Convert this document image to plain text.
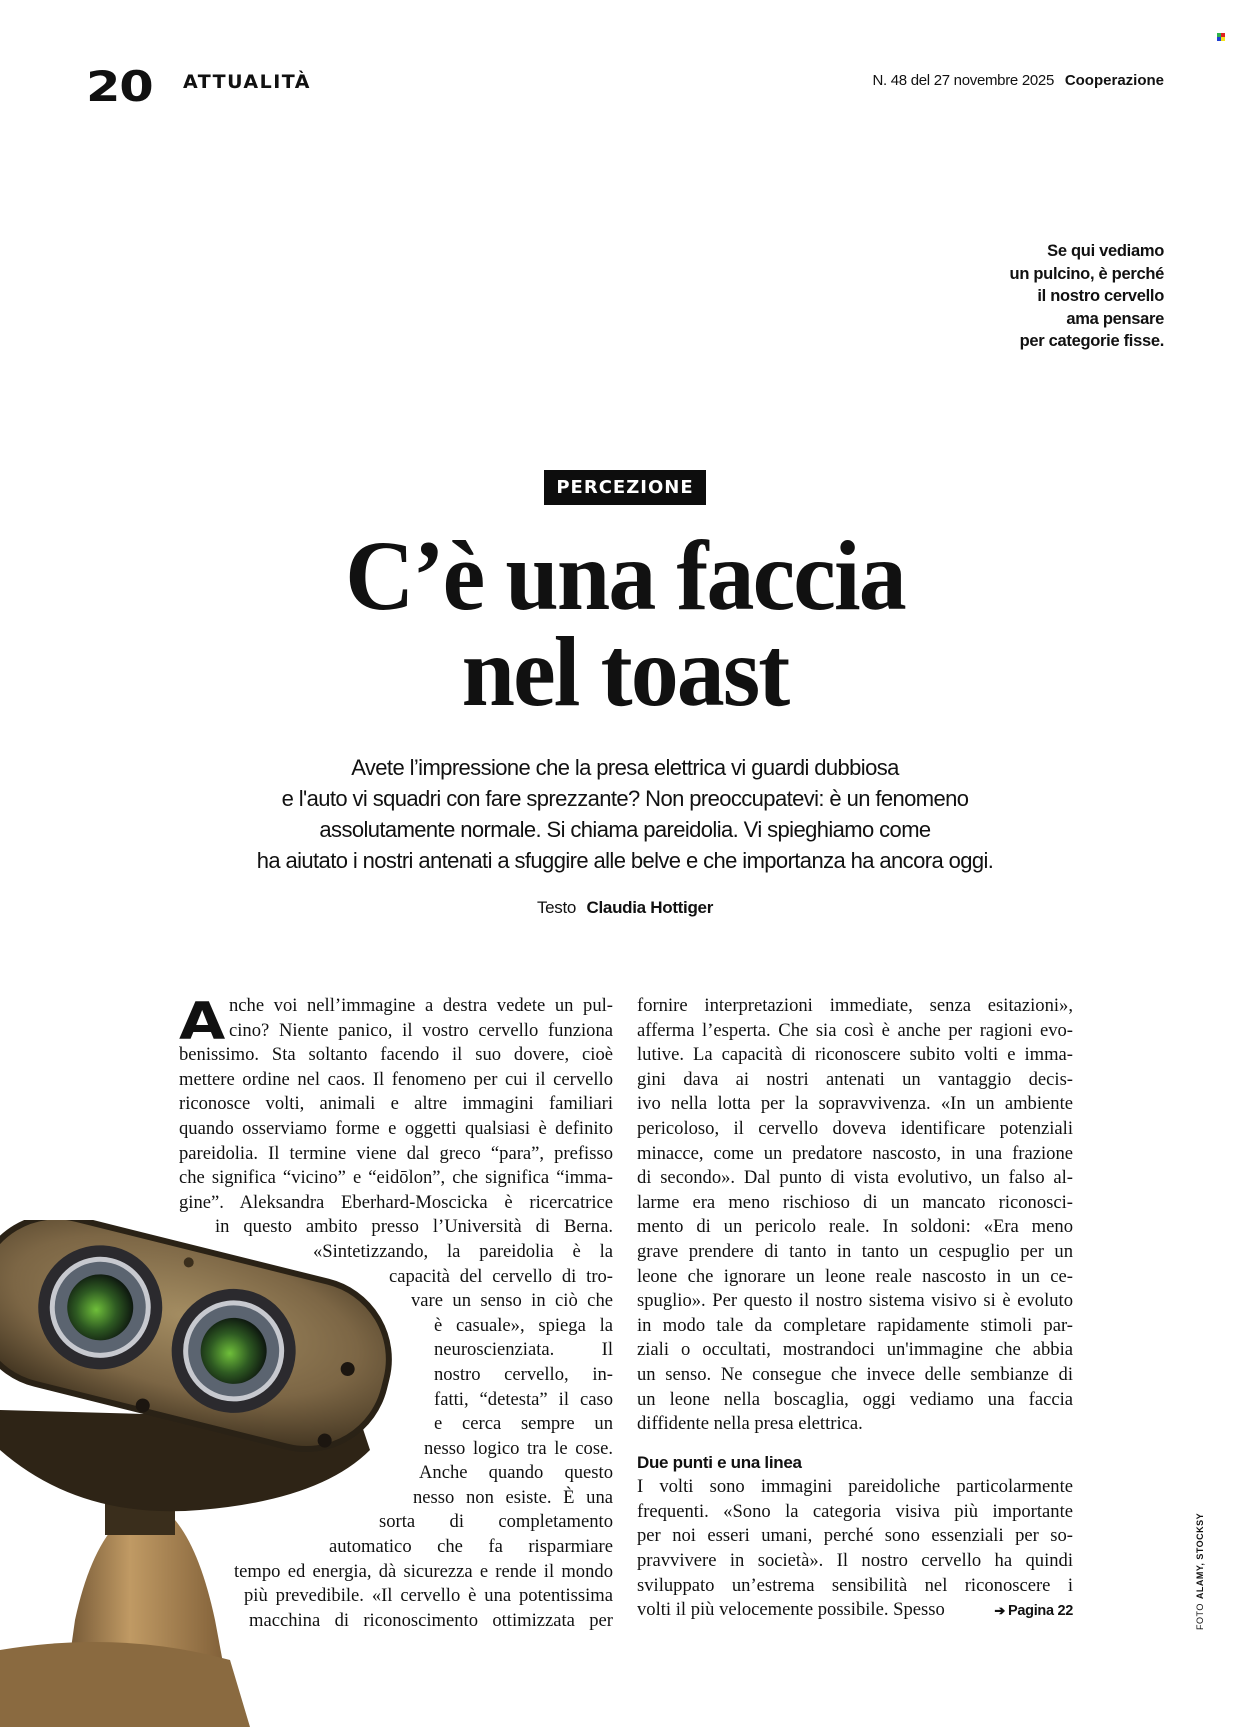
20 ATTUALITÀ	N. 48 del 27 novembre 2025 Cooperazione
Se qui vediamo
un pulcino, è perché
il nostro cervello
ama pensare
per categorie fisse.
PERCEZIONE
C’è una faccia
nel toast
Avete l’impressione che la presa elettrica vi guardi dubbiosa
e l'auto vi squadri con fare sprezzante? Non preoccupatevi: è un fenomeno
assolutamente normale. Si chiama pareidolia. Vi spieghiamo come
ha aiutato i nostri antenati a sfuggire alle belve e che importanza ha ancora oggi.
Testo Claudia Hottiger
A nche voi nell’immagine a destra vedete un pul-
cino? Niente panico, il vostro cervello funziona
benissimo. Sta soltanto facendo il suo dovere, cioè
mettere ordine nel caos. Il fenomeno per cui il cervello
riconosce volti, animali e altre immagini familiari
quando osserviamo forme e oggetti qualsiasi è definito
pareidolia. Il termine viene dal greco “para”, prefisso
che significa “vicino” e “eidōlon”, che significa “imma-
gine”. Aleksandra Eberhard-Moscicka è ricercatrice
in questo ambito presso l’Università di Berna.
«Sintetizzando, la pareidolia è la
capacità del cervello di tro-
vare un senso in ciò che
è casuale», spiega la
neuroscienziata. Il
nostro cervello, in-
fatti, “detesta” il caso
e cerca sempre un
nesso logico tra le cose.
Anche quando questo
nesso non esiste. È una
sorta di completamento
automatico che fa risparmiare
tempo ed energia, dà sicurezza e rende il mondo
più prevedibile. «Il cervello è una potentissima
macchina di riconoscimento ottimizzata per
fornire interpretazioni immediate, senza esitazioni»,
afferma l’esperta. Che sia così è anche per ragioni evo-
lutive. La capacità di riconoscere subito volti e imma-
gini dava ai nostri antenati un vantaggio decis-
ivo nella lotta per la sopravvivenza. «In un ambiente
pericoloso, il cervello doveva identificare potenziali
minacce, come un predatore nascosto, in una frazione
di secondo». Dal punto di vista evolutivo, un falso al-
larme era meno rischioso di un mancato riconosci-
mento di un pericolo reale. In soldoni: «Era meno
grave prendere di tanto in tanto un cespuglio per un
leone che ignorare un leone reale nascosto in un ce-
spuglio». Per questo il nostro sistema visivo si è evoluto
in modo tale da completare rapidamente stimoli par-
ziali o occultati, mostrandoci un'immagine che abbia
un senso. Ne consegue che invece delle sembianze di
un leone nella boscaglia, oggi vediamo una faccia
diffidente nella presa elettrica.
Due punti e una linea
I volti sono immagini pareidoliche particolarmente
frequenti. «Sono la categoria visiva più importante
per noi esseri umani, perché sono essenziali per so-
pravvivere in società». Il nostro cervello ha quindi
sviluppato un’estrema sensibilità nel riconoscere i
volti il più velocemente possibile. Spesso	➔ Pagina 22	FOTOALAMY, STOCKSY
